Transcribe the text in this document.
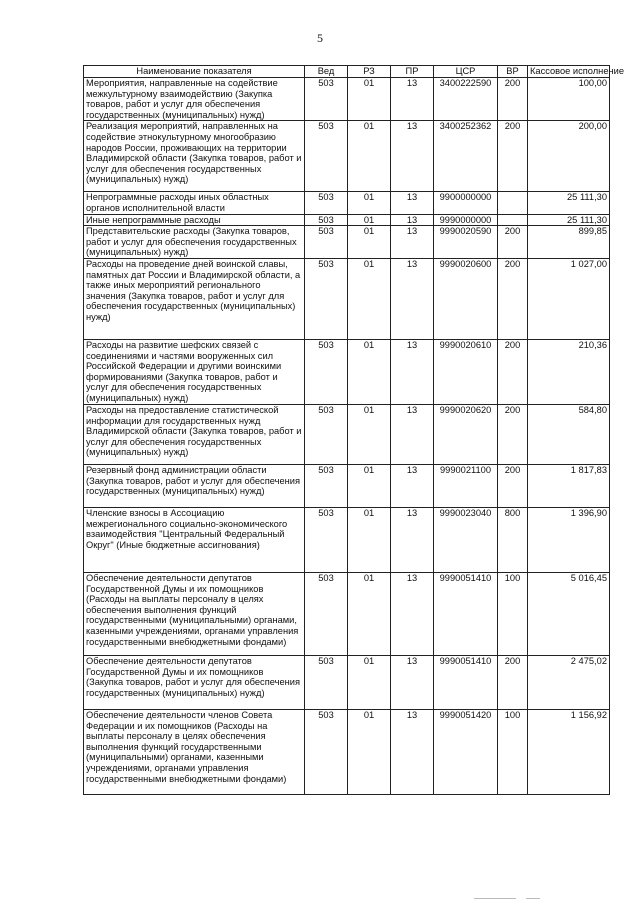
5
Наименование показателя	Вед	РЗ	ПР	ЦСР	ВР	Кассовое исполнение
Мероприятия, направленные на содействие межкультурному взаимодействию (Закупка товаров, работ и услуг для обеспечения государственных (муниципальных) нужд)	503	01	13	3400222590	200	100,00
Реализация мероприятий, направленных на содействие этнокультурному многообразию народов России, проживающих на территории Владимирской области (Закупка товаров, работ и услуг для обеспечения государственных (муниципальных) нужд)	503	01	13	3400252362	200	200,00
Непрограммные расходы иных областных органов исполнительной власти	503	01	13	9900000000		25 111,30
Иные непрограммные расходы	503	01	13	9990000000		25 111,30
Представительские расходы (Закупка товаров, работ и услуг для обеспечения государственных (муниципальных) нужд)	503	01	13	9990020590	200	899,85
Расходы на проведение дней воинской славы, памятных дат России и Владимирской области, а также иных мероприятий регионального значения (Закупка товаров, работ и услуг для обеспечения государственных (муниципальных) нужд)	503	01	13	9990020600	200	1 027,00
Расходы на развитие шефских связей с соединениями и частями вооруженных сил Российской Федерации и другими воинскими формированиями (Закупка товаров, работ и услуг для обеспечения государственных (муниципальных) нужд)	503	01	13	9990020610	200	210,36
Расходы на предоставление статистической информации для государственных нужд Владимирской области (Закупка товаров, работ и услуг для обеспечения государственных (муниципальных) нужд)	503	01	13	9990020620	200	584,80
Резервный фонд администрации области (Закупка товаров, работ и услуг для обеспечения государственных (муниципальных) нужд)	503	01	13	9990021100	200	1 817,83
Членские взносы в Ассоциацию межрегионального социально-экономического взаимодействия "Центральный Федеральный Округ" (Иные бюджетные ассигнования)	503	01	13	9990023040	800	1 396,90
Обеспечение деятельности депутатов Государственной Думы и их помощников (Расходы на выплаты персоналу в целях обеспечения выполнения функций государственными (муниципальными) органами, казенными учреждениями, органами управления государственными внебюджетными фондами)	503	01	13	9990051410	100	5 016,45
Обеспечение деятельности депутатов Государственной Думы и их помощников (Закупка товаров, работ и услуг для обеспечения государственных (муниципальных) нужд)	503	01	13	9990051410	200	2 475,02
Обеспечение деятельности членов Совета Федерации и их помощников (Расходы на выплаты персоналу в целях обеспечения выполнения функций государственными (муниципальными) органами, казенными учреждениями, органами управления государственными внебюджетными фондами)	503	01	13	9990051420	100	1 156,92
